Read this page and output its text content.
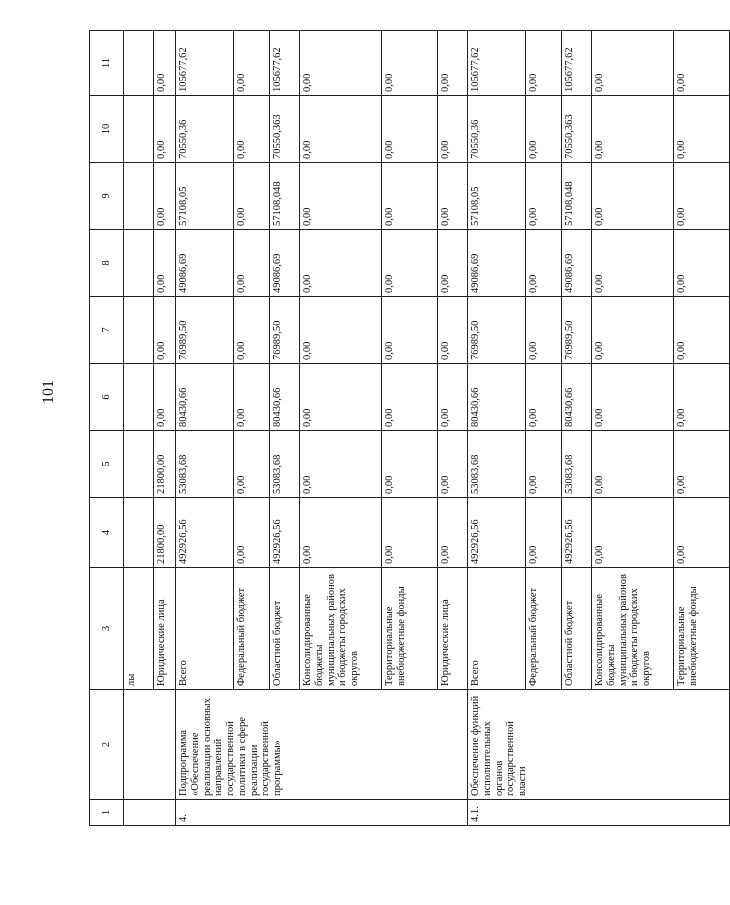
101
1	2	3	4	5	6	7	8	9	10	11
		лы								
		Юридические лица	21800,00	21800,00	0,00	0,00	0,00	0,00	0,00	0,00
4.	Подпрограмма «Обеспечение реализации основных направлений государственной политики в сфере реализации государственной программы»	Всего	492926,56	53083,68	80430,66	76989,50	49086,69	57108,05	70550,36	105677,62
		Федеральный бюджет	0,00	0,00	0,00	0,00	0,00	0,00	0,00	0,00
		Областной бюджет	492926,56	53083,68	80430,66	76989,50	49086,69	57108,048	70550,363	105677,62
		Консолидированные бюджеты муниципальных районов и бюджеты городских округов	0,00	0,00	0,00	0,00	0,00	0,00	0,00	0,00
		Территориальные внебюджетные фонды	0,00	0,00	0,00	0,00	0,00	0,00	0,00	0,00
		Юридические лица	0,00	0,00	0,00	0,00	0,00	0,00	0,00	0,00
4.1.	Обеспечение функций исполнительных органов государственной власти	Всего	492926,56	53083,68	80430,66	76989,50	49086,69	57108,05	70550,36	105677,62
		Федеральный бюджет	0,00	0,00	0,00	0,00	0,00	0,00	0,00	0,00
		Областной бюджет	492926,56	53083,68	80430,66	76989,50	49086,69	57108,048	70550,363	105677,62
		Консолидированные бюджеты муниципальных районов и бюджеты городских округов	0,00	0,00	0,00	0,00	0,00	0,00	0,00	0,00
		Территориальные внебюджетные фонды	0,00	0,00	0,00	0,00	0,00	0,00	0,00	0,00
